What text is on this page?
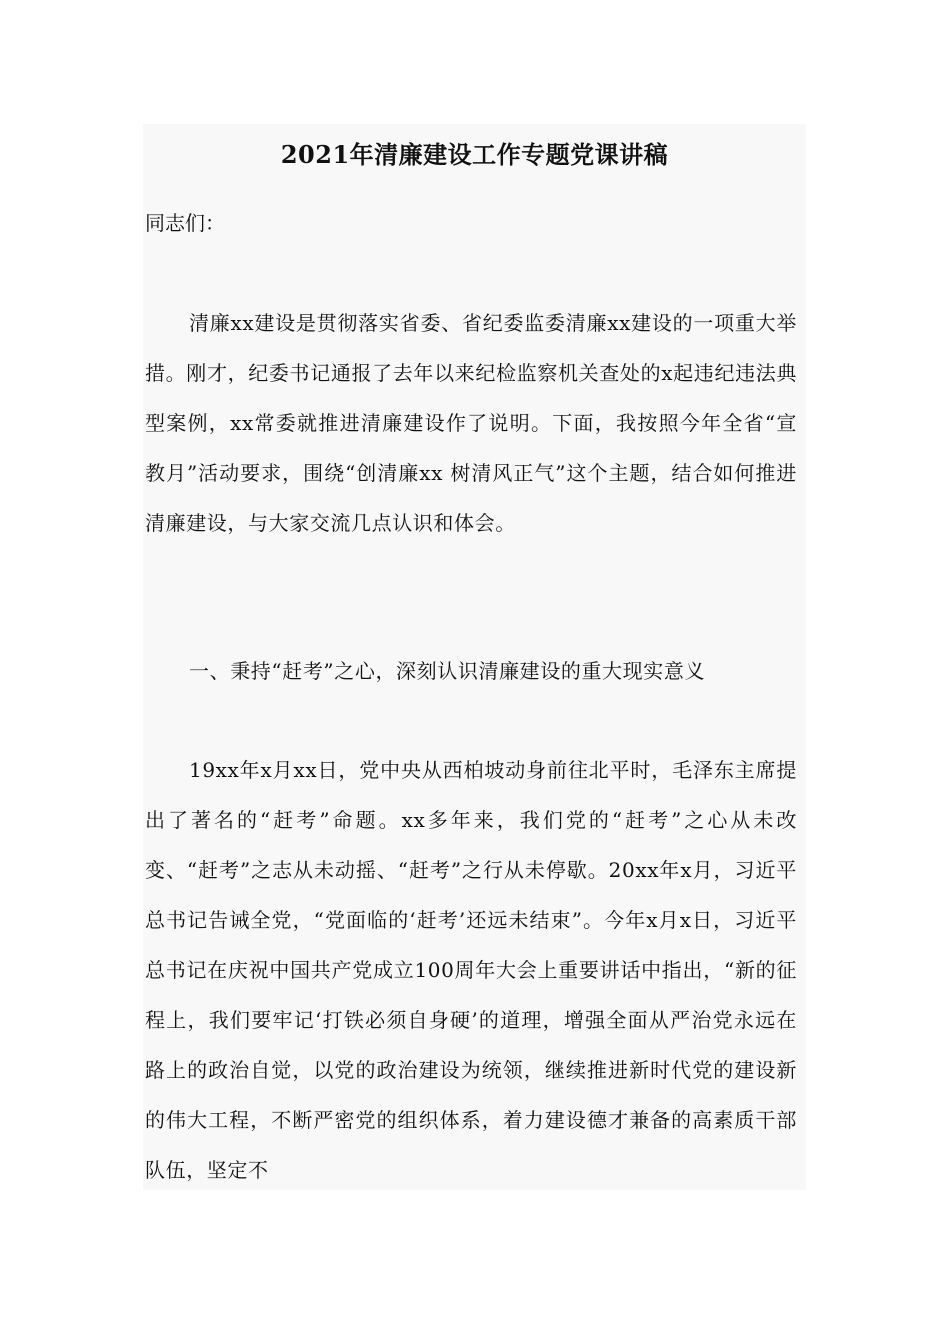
2021年清廉建设工作专题党课讲稿

同志们：

清廉xx建设是贯彻落实省委、省纪委监委清廉xx建设的一项重大举措。刚才，纪委书记通报了去年以来纪检监察机关查处的x起违纪违法典型案例，xx常委就推进清廉建设作了说明。下面，我按照今年全省“宣教月”活动要求，围绕“创清廉xx 树清风正气”这个主题，结合如何推进清廉建设，与大家交流几点认识和体会。

一、秉持“赶考”之心，深刻认识清廉建设的重大现实意义

19xx年x月xx日，党中央从西柏坡动身前往北平时，毛泽东主席提出了著名的“赶考”命题。xx多年来，我们党的“赶考”之心从未改变、“赶考”之志从未动摇、“赶考”之行从未停歇。20xx年x月，习近平总书记告诫全党，“党面临的‘赶考’还远未结束”。今年x月x日，习近平总书记在庆祝中国共产党成立100周年大会上重要讲话中指出，“新的征程上，我们要牢记‘打铁必须自身硬’的道理，增强全面从严治党永远在路上的政治自觉，以党的政治建设为统领，继续推进新时代党的建设新的伟大工程，不断严密党的组织体系，着力建设德才兼备的高素质干部队伍，坚定不
